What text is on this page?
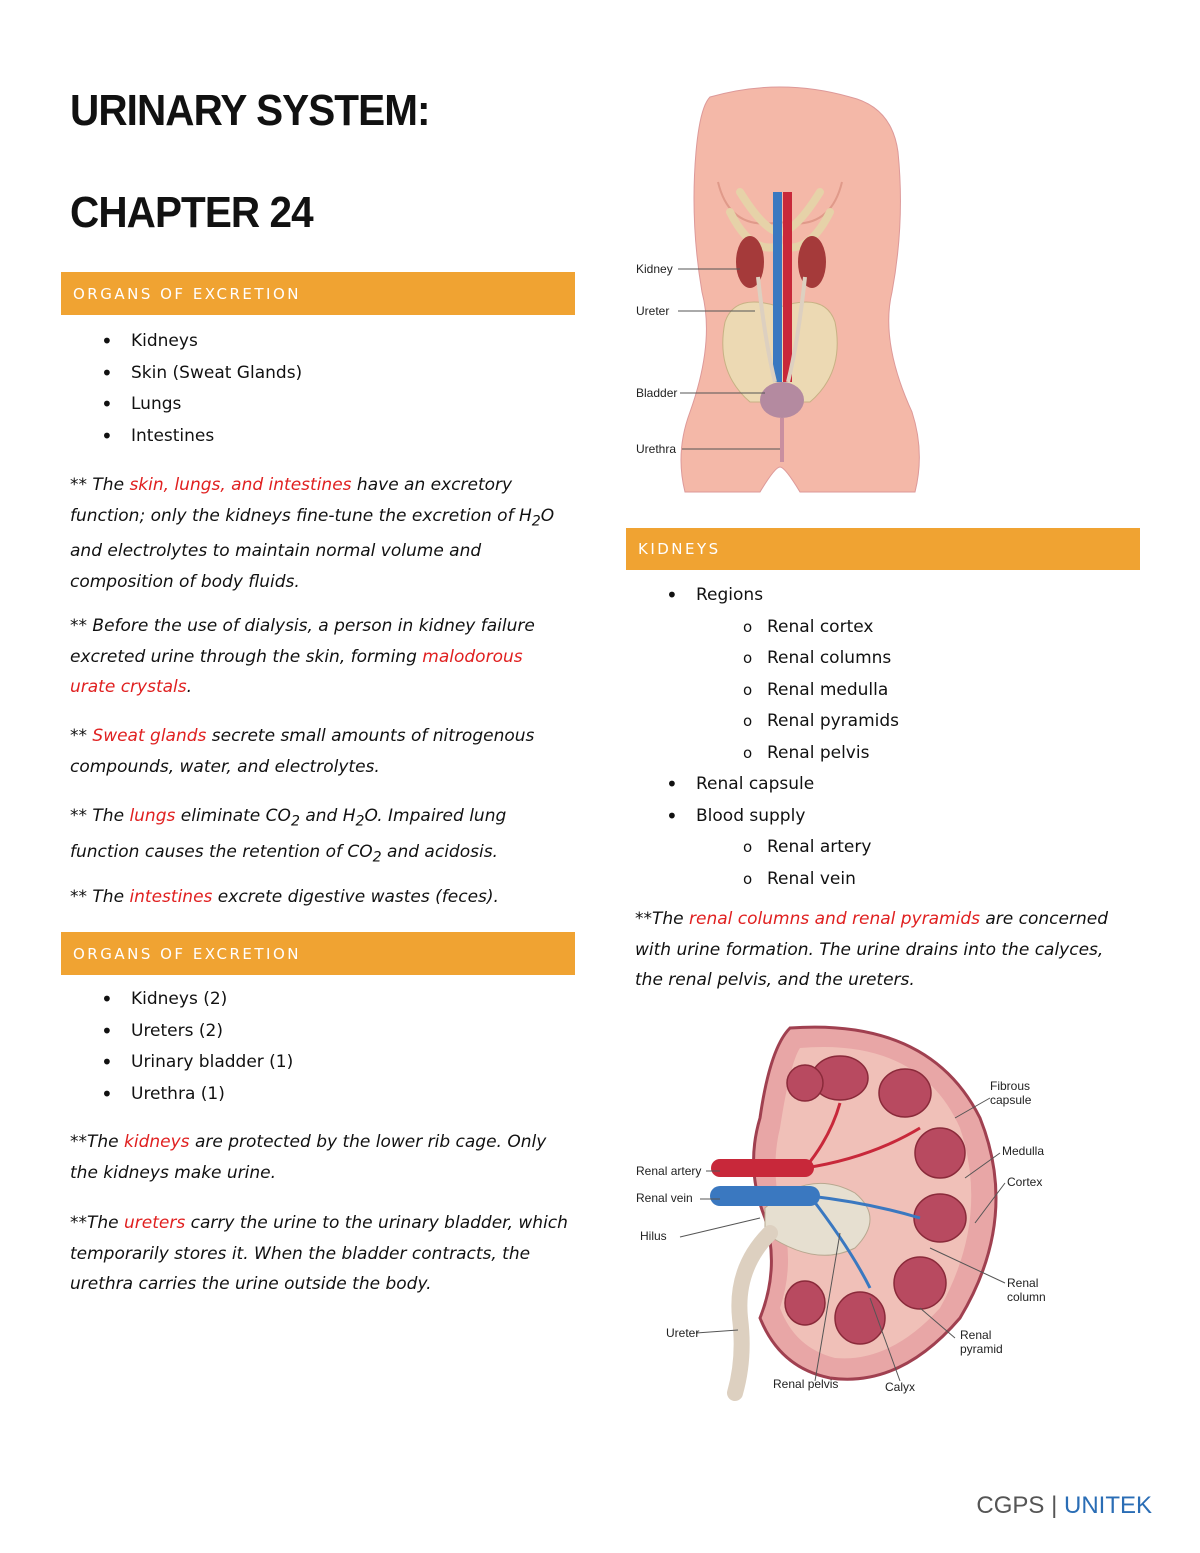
URINARY SYSTEM:
CHAPTER 24
ORGANS OF EXCRETION
• Kidneys
• Skin (Sweat Glands)
• Lungs
• Intestines

** The skin, lungs, and intestines have an excretory function; only the kidneys fine-tune the excretion of $H_2O$ and electrolytes to maintain normal volume and composition of body fluids.

** Before the use of dialysis, a person in kidney failure excreted urine through the skin, forming malodorous urate crystals.

** Sweat glands secrete small amounts of nitrogenous compounds, water, and electrolytes.

** The lungs eliminate $CO_2$ and $H_2O$. Impaired lung function causes the retention of $CO_2$ and acidosis.

** The intestines excrete digestive wastes (feces).

ORGANS OF EXCRETION
• Kidneys (2)
• Ureters (2)
• Urinary bladder (1)
• Urethra (1)

**The kidneys are protected by the lower rib cage. Only the kidneys make urine.

**The ureters carry the urine to the urinary bladder, which temporarily stores it. When the bladder contracts, the urethra carries the urine outside the body.

Kidney
Ureter
Bladder
Urethra
KIDNEYS
• Regions
o Renal cortex
o Renal columns
o Renal medulla
o Renal pyramids
o Renal pelvis
• Renal capsule
• Blood supply
o Renal artery
o Renal vein

**The renal columns and renal pyramids are concerned with urine formation. The urine drains into the calyces, the renal pelvis, and the ureters.

Fibrous
capsule
Medulla
Cortex
Renal artery
Renal vein
Hilus
Renal
column
Ureter	Renal
pyramid
Renal pelvis	Calyx
CGPS | UNITEK
